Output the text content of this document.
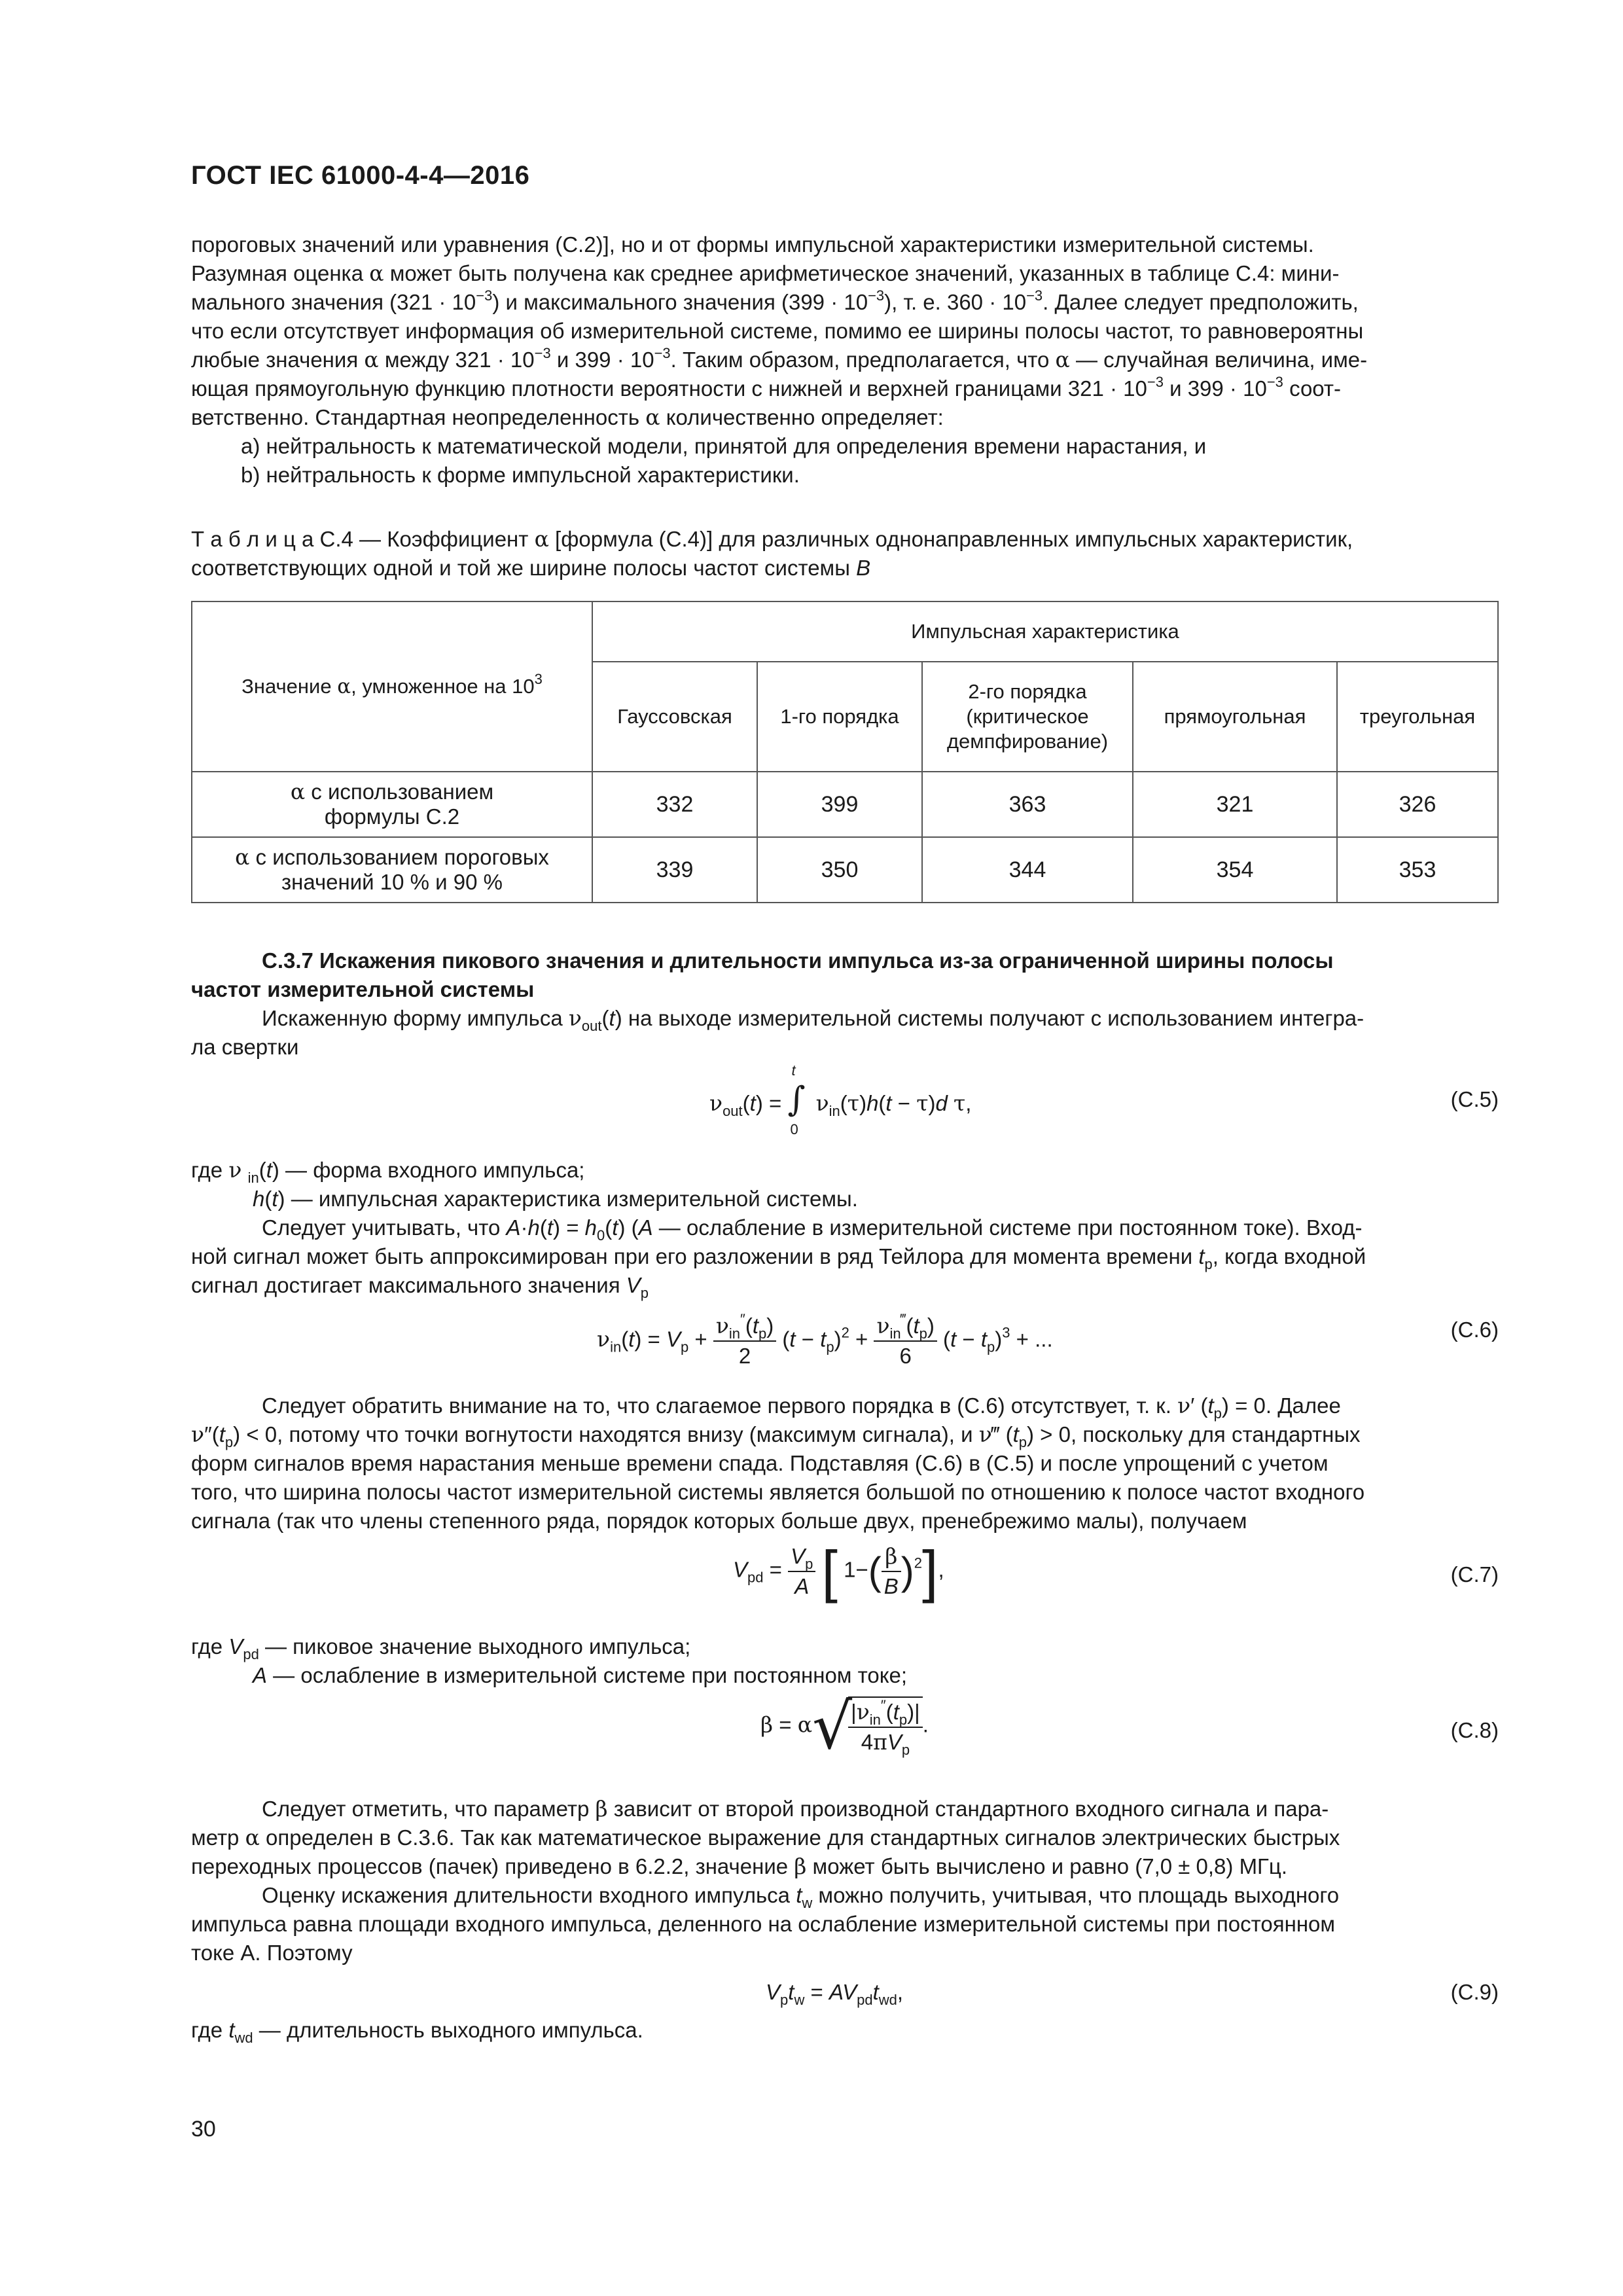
ГОСТ IEC 61000-4-4—2016

пороговых значений или уравнения (С.2)], но и от формы импульсной характеристики измерительной системы.

Разумная оценка α может быть получена как среднее арифметическое значений, указанных в таблице С.4: мини-

мального значения $(321 \cdot 10^{-3})$ и максимального значения $(399 \cdot 10^{-3})$, т. е. $360 \cdot 10^{-3}$. Далее следует предположить,

что если отсутствует информация об измерительной системе, помимо ее ширины полосы частот, то равновероятны

любые значения α между $321 \cdot 10^{-3}$ и $399 \cdot 10^{-3}$. Таким образом, предполагается, что α — случайная величина, име-

ющая прямоугольную функцию плотности вероятности с нижней и верхней границами $321 \cdot 10^{-3}$ и $399 \cdot 10^{-3}$ соот-

ветственно. Стандартная неопределенность α количественно определяет:

a) нейтральность к математической модели, принятой для определения времени нарастания, и

b) нейтральность к форме импульсной характеристики.

Т а б л и ц а С.4 — Коэффициент α [формула (С.4)] для различных однонаправленных импульсных характеристик,

соответствующих одной и той же ширине полосы частот системы B

Значение α, умноженное на $10^3$	Импульсная характеристика				
	Гауссовская	1-го порядка	2-го порядка (критическое демпфирование)	прямоугольная	треугольная
α с использованием
формулы С.2	332	399	363	321	326
α с использованием пороговых
значений 10 % и 90 %	339	350	344	354	353

С.3.7 Искажения пикового значения и длительности импульса из-за ограниченной ширины полосы

частот измерительной системы

Искаженную форму импульса $\nu_{out}(t)$ на выходе измерительной системы получают с использованием интегра-

ла свертки

$\nu_{out}(t)$ =
t
∫
0
$\nu_{in}(\tau)h(t - \tau)d$ τ,	(С.5)

где ν $_{in}$(t) — форма входного импульса;

h(t) — импульсная характеристика измерительной системы.

Следует учитывать, что $A\cdot h(t) = h_0(t)$ (A — ослабление в измерительной системе при постоянном токе). Вход-

ной сигнал может быть аппроксимирован при его разложении в ряд Тейлора для момента времени $t_p$, когда входной

сигнал достигает максимального значения $V_p$

$\nu_{in}(t) = V_p + \frac{\nu_{in}''(t_p)}{2} (t - t_p)^2 + \frac{\nu_{in}^‴(t_p)}{6} (t - t_p)^3$ + ...	(С.6)

Следует обратить внимание на то, что слагаемое первого порядка в (С.6) отсутствует, т. к. ν′ $(t_p) = 0$. Далее

$\nu''(t_p) < 0$, потому что точки вогнутости находятся внизу (максимум сигнала), и ν‴ $(t_p) > 0$, поскольку для стандартных

форм сигналов время нарастания меньше времени спада. Подставляя (С.6) в (С.5) и после упрощений с учетом

того, что ширина полосы частот измерительной системы является большой по отношению к полосе частот входного

сигнала (так что члены степенного ряда, порядок которых больше двух, пренебрежимо малы), получаем

$V_{pd} = \frac{V_p}{A}$ [ $1-( \frac{\beta}{B} )^2$],	(С.7)

где $V_{pd}$ — пиковое значение выходного импульса;

A — ослабление в измерительной системе при постоянном токе;

β = α√
$\frac{|\nu_{in}''(t_p)|}{4\pi V_p}$ .	(С.8)

Следует отметить, что параметр β зависит от второй производной стандартного входного сигнала и пара-

метр α определен в С.3.6. Так как математическое выражение для стандартных сигналов электрических быстрых

переходных процессов (пачек) приведено в 6.2.2, значение β может быть вычислено и равно (7,0 ± 0,8) МГц.

Оценку искажения длительности входного импульса $t_w$ можно получить, учитывая, что площадь выходного

импульса равна площади входного импульса, деленного на ослабление измерительной системы при постоянном

токе А. Поэтому

$V_pt_w = AV_{pd}t_{wd}$,	(С.9)

где $t_{wd}$ — длительность выходного импульса.

30
